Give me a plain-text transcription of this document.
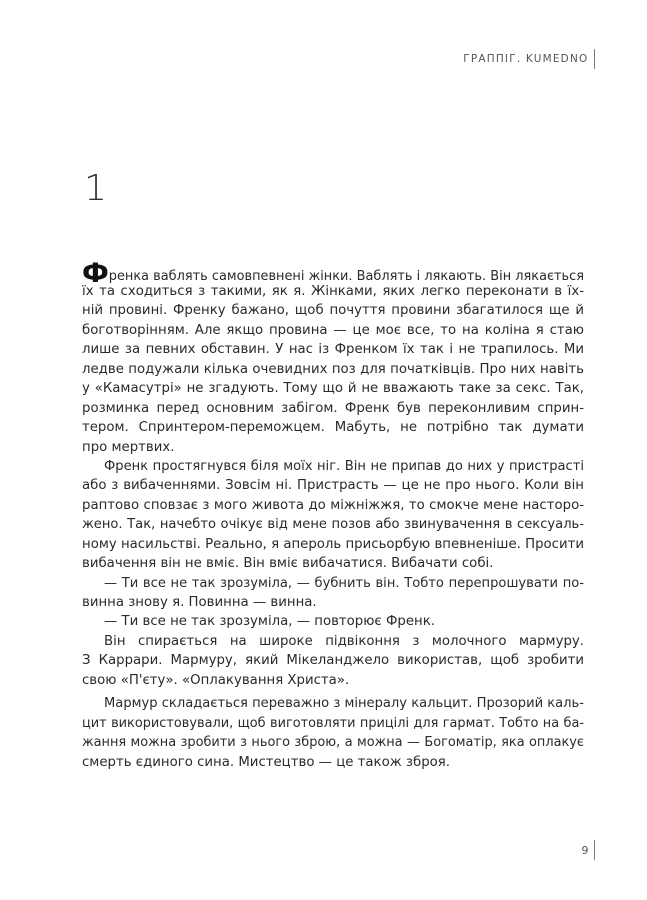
ГРАППІГ. KUMEDNO
1
Френка ваблять самовпевнені жінки. Ваблять і лякають. Він лякається
їх та сходиться з такими, як я. Жінками, яких легко переконати в їх-
ній провині. Френку бажано, щоб почуття провини збагатилося ще й
боготворінням. Але якщо провина — це моє все, то на коліна я стаю
лише за певних обставин. У нас із Френком їх так і не трапилось. Ми
ледве подужали кілька очевидних поз для початківців. Про них навіть
у «Камасутрі» не згадують. Тому що й не вважають таке за секс. Так,
розминка перед основним забігом. Френк був переконливим сприн-
тером. Спринтером-переможцем. Мабуть, не потрібно так думати
про мертвих.
Френк простягнувся біля моїх ніг. Він не припав до них у пристрасті
або з вибаченнями. Зовсім ні. Пристрасть — це не про нього. Коли він
раптово сповзає з мого живота до міжніжжя, то смокче мене насторо-
жено. Так, начебто очікує від мене позов або звинувачення в сексуаль-
ному насильстві. Реально, я апероль присьорбую впевненіше. Просити
вибачення він не вміє. Він вміє вибачатися. Вибачати собі.
— Ти все не так зрозуміла, — бубнить він. Тобто перепрошувати по-
винна знову я. Повинна — винна.
— Ти все не так зрозуміла, — повторює Френк.
Він спирається на широке підвіконня з молочного мармуру.
З Каррари. Мармуру, який Мікеланджело використав, щоб зробити
свою «П'єту». «Оплакування Христа».
Мармур складається переважно з мінералу кальцит. Прозорий каль-
цит використовували, щоб виготовляти прицілі для гармат. Тобто на ба-
жання можна зробити з нього зброю, а можна — Богоматір, яка оплакує
смерть єдиного сина. Мистецтво — це також зброя.
9
